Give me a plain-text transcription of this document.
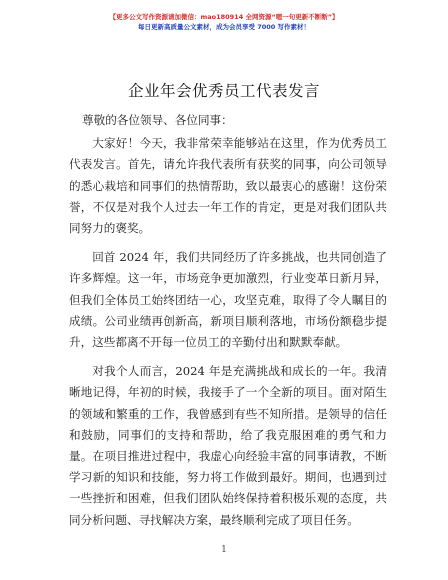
【更多公文写作资源请加微信：mao180914 全网资源“嗯一句更新不断断”】
每日更新高质量公文素材，成为会员享受 7000 写作素材！
企业年会优秀员工代表发言

尊敬的各位领导、各位同事：

大家好！今天，我非常荣幸能够站在这里，作为优秀员工代表发言。首先，请允许我代表所有获奖的同事，向公司领导的悉心栽培和同事们的热情帮助，致以最衷心的感谢！这份荣誉，不仅是对我个人过去一年工作的肯定，更是对我们团队共同努力的褒奖。

回首 2024 年，我们共同经历了许多挑战，也共同创造了许多辉煌。这一年，市场竞争更加激烈，行业变革日新月异，但我们全体员工始终团结一心，攻坚克难，取得了令人瞩目的成绩。公司业绩再创新高，新项目顺利落地，市场份额稳步提升，这些都离不开每一位员工的辛勤付出和默默奉献。

对我个人而言，2024 年是充满挑战和成长的一年。我清晰地记得，年初的时候，我接手了一个全新的项目。面对陌生的领域和繁重的工作，我曾感到有些不知所措。是领导的信任和鼓励，同事们的支持和帮助，给了我克服困难的勇气和力量。在项目推进过程中，我虚心向经验丰富的同事请教，不断学习新的知识和技能，努力将工作做到最好。期间，也遇到过一些挫折和困难，但我们团队始终保持着积极乐观的态度，共同分析问题、寻找解决方案，最终顺利完成了项目任务。

1
